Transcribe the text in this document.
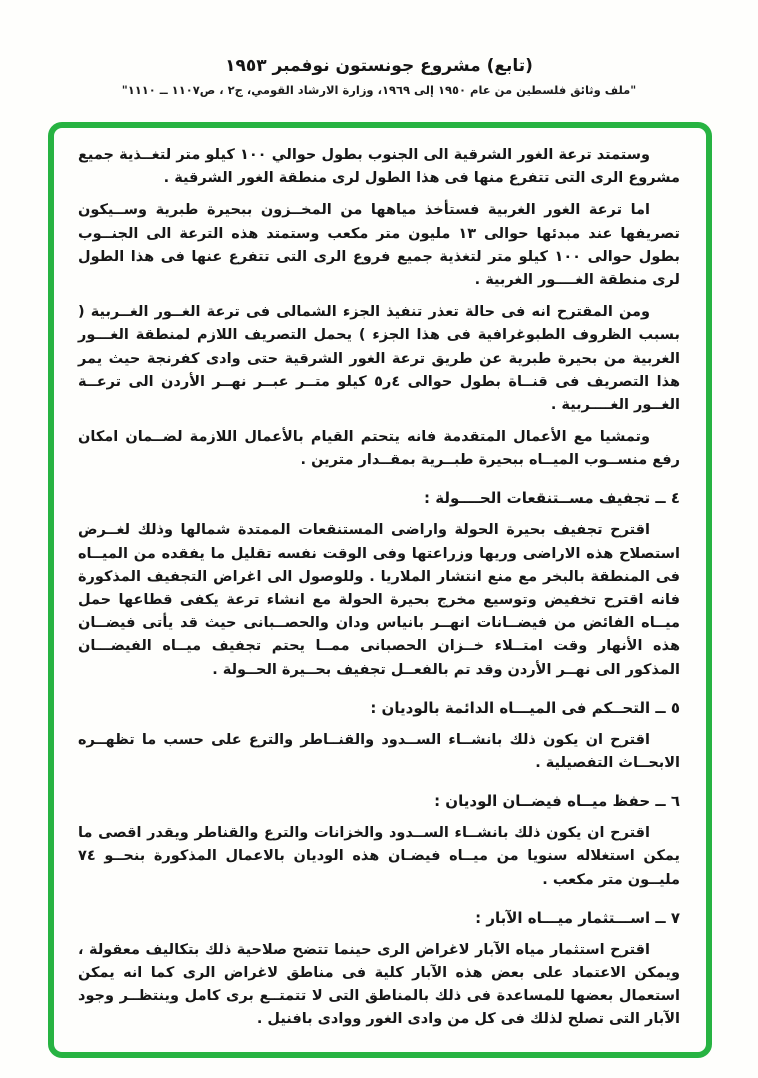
(تابع) مشروع جونستون نوفمبر ١٩٥٣
"ملف وثائق فلسطين من عام ١٩٥٠ إلى ١٩٦٩، وزارة الارشاد القومي، ج٢ ، ص١١٠٧ ــ ١١١٠"

وستمتد ترعة الغور الشرقية الى الجنوب بطول حوالي ١٠٠ كيلو متر لتغــذية جميع مشروع الرى التى تتفرع منها فى هذا الطول لرى منطقة الغور الشرقية .

اما ترعة الغور الغربية فستأخذ مياهها من المخــزون ببحيرة طبرية وســيكون تصريفها عند مبدئها حوالى ١٣ مليون متر مكعب وستمتد هذه الترعة الى الجنــوب بطول حوالى ١٠٠ كيلو متر لتغذية جميع فروع الرى التى تتفرع عنها فى هذا الطول لرى منطقة الغــــور الغربية .

ومن المقترح انه فى حالة تعذر تنفيذ الجزء الشمالى فى ترعة الغــور الغــربية ( بسبب الظروف الطبوغرافية فى هذا الجزء ) يحمل التصريف اللازم لمنطقة الغـــور الغربية من بحيرة طبرية عن طريق ترعة الغور الشرقية حتى وادى كفرنجة حيث يمر هذا التصريف فى قنــاة بطول حوالى ٤ر٥ كيلو متــر عبــر نهــر الأردن الى ترعــة الغــور الغــــربية .

وتمشيا مع الأعمال المتقدمة فانه يتحتم القيام بالأعمال اللازمة لضــمان امكان رفع منســوب الميــاه ببحيرة طبــرية بمقــدار مترين .

٤ ــ تجفيف مســتنقعات الحــــولة :

اقترح تجفيف بحيرة الحولة واراضى المستنقعات الممتدة شمالها وذلك لغــرض استصلاح هذه الاراضى وريها وزراعتها وفى الوقت نفسه تقليل ما يفقده من الميــاه فى المنطقة بالبخر مع منع انتشار الملاريا . وللوصول الى اغراض التجفيف المذكورة فانه اقترح تخفيض وتوسيع مخرج بحيرة الحولة مع انشاء ترعة يكفى قطاعها حمل ميــاه الفائض من فيضــانات انهــر بانياس ودان والحصــبانى حيث قد يأتى فيضــان هذه الأنهار وقت امتــلاء خــزان الحصبانى ممــا يحتم تجفيف ميــاه الفيضـــان المذكور الى نهــر الأردن وقد تم بالفعــل تجفيف بحــيرة الحــولة .

٥ ــ التحــكم فى الميـــاه الدائمة بالوديان :

اقترح ان يكون ذلك بانشــاء الســدود والقنــاطر والترع على حسب ما تظهــره الابحــاث التفصيلية .

٦ ــ حفظ ميــاه فيضــان الوديان :

اقترح ان يكون ذلك بانشــاء الســدود والخزانات والترع والقناطر ويقدر اقصى ما يمكن استغلاله سنويا من ميــاه فيضـان هذه الوديان بالاعمال المذكورة بنحــو ٧٤ مليــون متر مكعب .

٧ ــ اســـتثمار ميـــاه الآبار :

اقترح استثمار مياه الآبار لاغراض الرى حينما تتضح صلاحية ذلك بتكاليف معقولة ، ويمكن الاعتماد على بعض هذه الآبار كلية فى مناطق لاغراض الرى كما انه يمكن استعمال بعضها للمساعدة فى ذلك بالمناطق التى لا تتمتــع برى كامل وينتظــر وجود الآبار التى تصلح لذلك فى كل من وادى الغور ووادى بافنيل .
